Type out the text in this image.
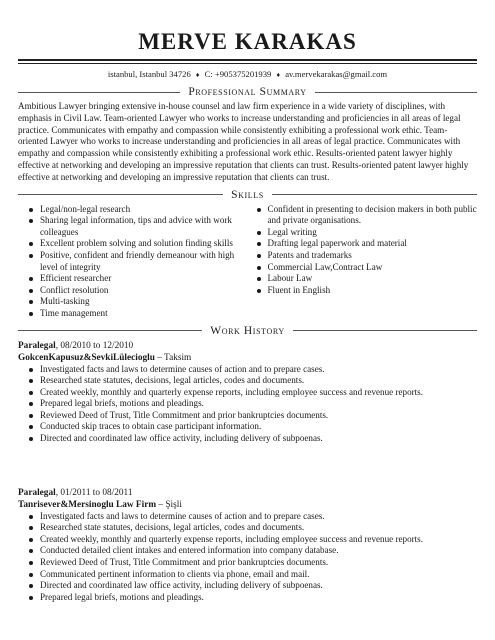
MERVE KARAKAS
istanbul, Istanbul 34726 ♦ C: +905375201939 ♦ av.mervekarakas@gmail.com
Professional Summary
Ambitious Lawyer bringing extensive in-house counsel and law firm experience in a wide variety of disciplines, with emphasis in Civil Law. Team-oriented Lawyer who works to increase understanding and proficiencies in all areas of legal practice. Communicates with empathy and compassion while consistently exhibiting a professional work ethic. Team-oriented Lawyer who works to increase understanding and proficiencies in all areas of legal practice. Communicates with empathy and compassion while consistently exhibiting a professional work ethic. Results-oriented patent lawyer highly effective at networking and developing an impressive reputation that clients can trust. Results-oriented patent lawyer highly effective at networking and developing an impressive reputation that clients can trust.
Skills
Legal/non-legal research
Sharing legal information, tips and advice with work colleagues
Excellent problem solving and solution finding skills
Positive, confident and friendly demeanour with high level of integrity
Efficient researcher
Conflict resolution
Multi-tasking
Time management
Confident in presenting to decision makers in both public and private organisations.
Legal writing
Drafting legal paperwork and material
Patents and trademarks
Commercial Law,Contract Law
Labour Law
Fluent in English
Work History
Paralegal, 08/2010 to 12/2010
GokcenKapusuz&SevkiLülecioglu – Taksim
Investigated facts and laws to determine causes of action and to prepare cases.
Researched state statutes, decisions, legal articles, codes and documents.
Created weekly, monthly and quarterly expense reports, including employee success and revenue reports.
Prepared legal briefs, motions and pleadings.
Reviewed Deed of Trust, Title Commitment and prior bankruptcies documents.
Conducted skip traces to obtain case participant information.
Directed and coordinated law office activity, including delivery of subpoenas.
Paralegal, 01/2011 to 08/2011
Tanrisever&Mersinoglu Law Firm – Şişli
Investigated facts and laws to determine causes of action and to prepare cases.
Researched state statutes, decisions, legal articles, codes and documents.
Created weekly, monthly and quarterly expense reports, including employee success and revenue reports.
Conducted detailed client intakes and entered information into company database.
Reviewed Deed of Trust, Title Commitment and prior bankruptcies documents.
Communicated pertinent information to clients via phone, email and mail.
Directed and coordinated law office activity, including delivery of subpoenas.
Prepared legal briefs, motions and pleadings.
